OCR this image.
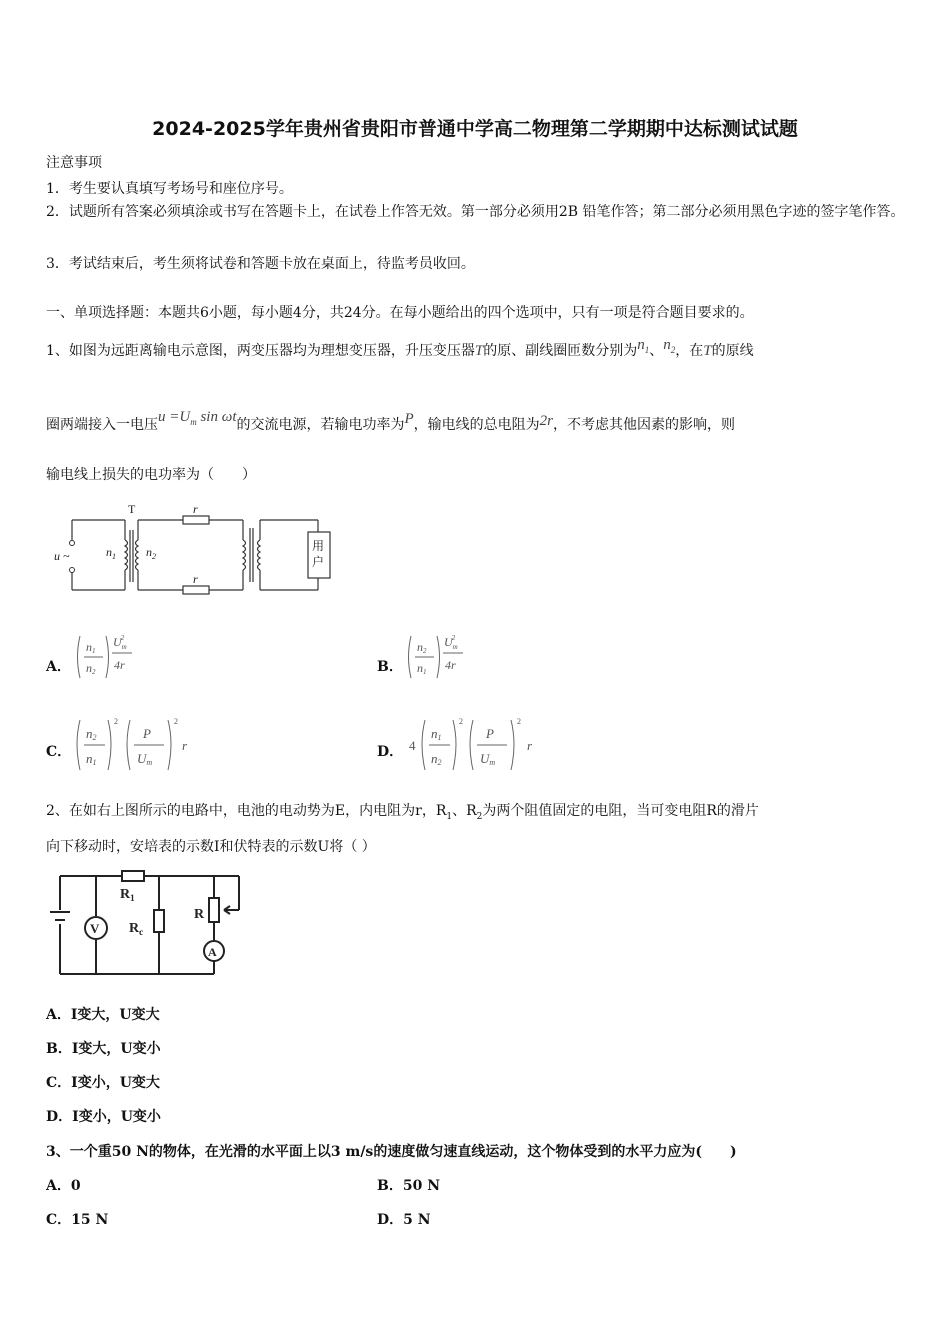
2024-2025学年贵州省贵阳市普通中学高二物理第二学期期中达标测试试题
注意事项
1．考生要认真填写考场号和座位序号。
2．试题所有答案必须填涂或书写在答题卡上，在试卷上作答无效。第一部分必须用2B 铅笔作答；第二部分必须用黑色字迹的签字笔作答。
3．考试结束后，考生须将试卷和答题卡放在桌面上，待监考员收回。
一、单项选择题：本题共6小题，每小题4分，共24分。在每小题给出的四个选项中，只有一项是符合题目要求的。
1、如图为远距离输电示意图，两变压器均为理想变压器，升压变压器T的原、副线圈匝数分别为$n_1$、$n_2$，在T的原线
圈两端接入一电压$u =U_m$ sin ωt的交流电源，若输电功率为P，输电线的总电阻为2r，不考虑其他因素的影响，则
输电线上损失的电功率为（　　）
T
u ~	$n_1$	$n_2$
r
r
用
户
A．
n1
n2
$U_m2$
4r	B．
n2
n1
$U_m2$
4r
C．
2
n2
n1
2
P
Um
r	D． 4
2
n1
n2
2
P
Um
r
2、在如右上图所示的电路中，电池的电动势为E，内电阻为r，$R_1$、$R_2$为两个阻值固定的电阻，当可变电阻R的滑片
向下移动时，安培表的示数I和伏特表的示数U将（ ）
$R_1$
$R_c$
R
V
A
A．I变大，U变大
B．I变大，U变小
C．I变小，U变大
D．I变小，U变小
3、一个重50 N的物体，在光滑的水平面上以3 m/s的速度做匀速直线运动，这个物体受到的水平力应为(　　)
A．0	B．50 N
C．15 N	D．5 N
